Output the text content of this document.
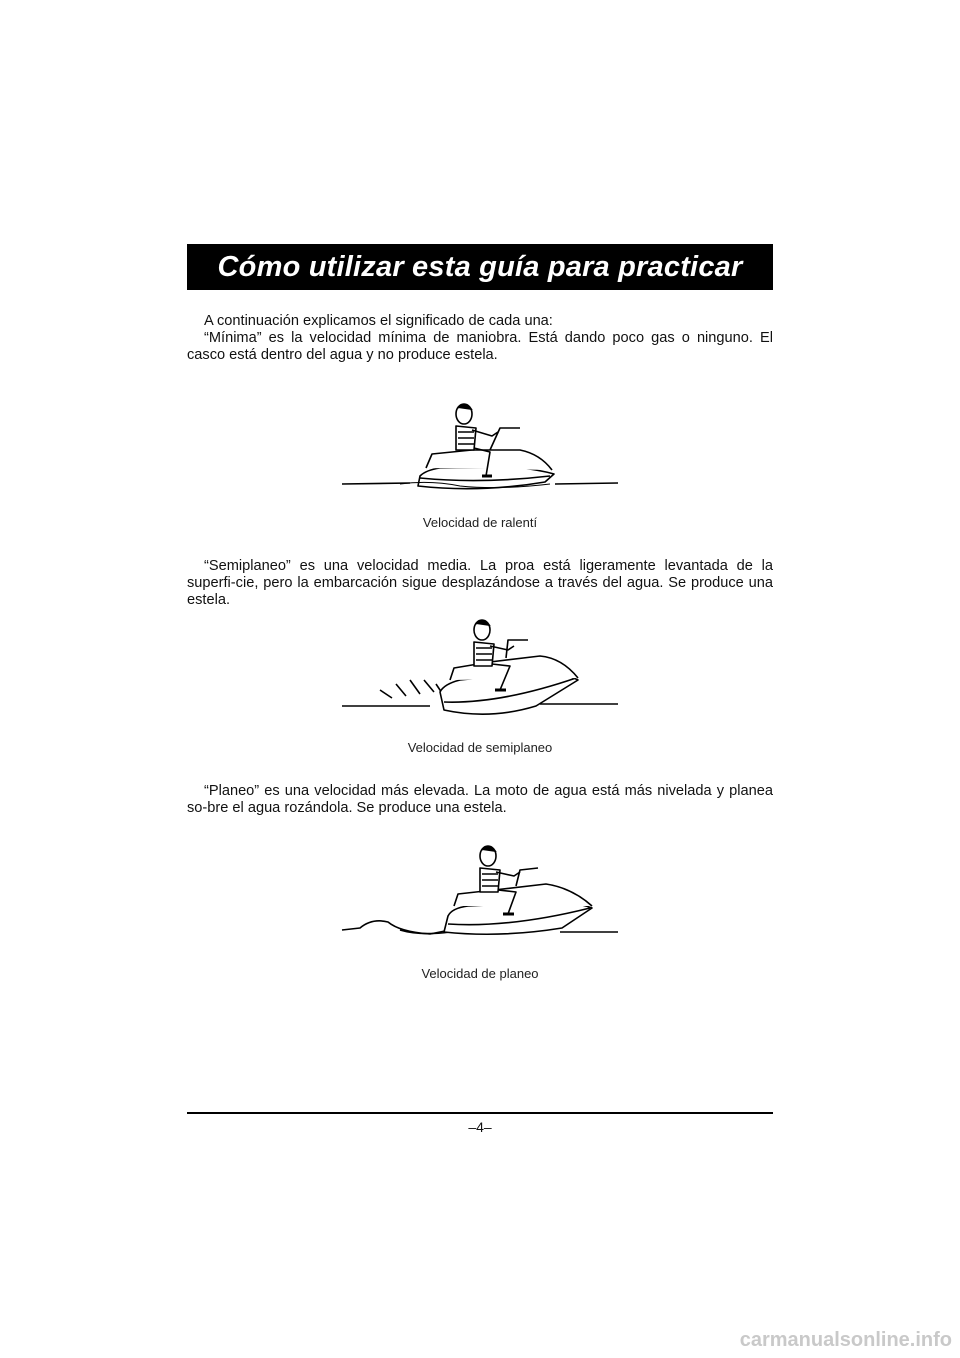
Cómo utilizar esta guía para practicar

A continuación explicamos el significado de cada una:

“Mínima” es la velocidad mínima de maniobra. Está dando poco gas o ninguno. El casco está dentro del agua y no produce estela.

Velocidad de ralentí

“Semiplaneo” es una velocidad media. La proa está ligeramente levantada de la superfi-cie, pero la embarcación sigue desplazándose a través del agua. Se produce una estela.

Velocidad de semiplaneo

“Planeo” es una velocidad más elevada. La moto de agua está más nivelada y planea so-bre el agua rozándola. Se produce una estela.

Velocidad de planeo
–4–
carmanualsonline.info
